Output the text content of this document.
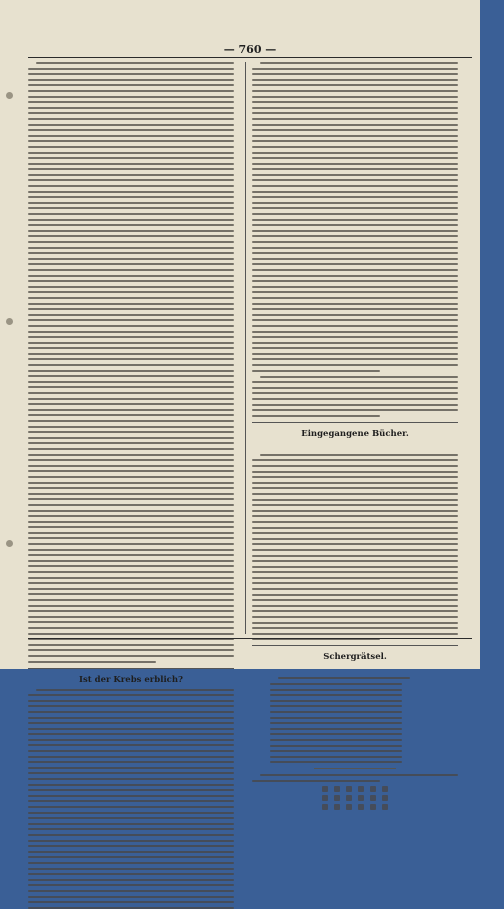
— 760 —
Ist der Krebs erblich?
Eingegangene Bücher.
Schergrätsel.
